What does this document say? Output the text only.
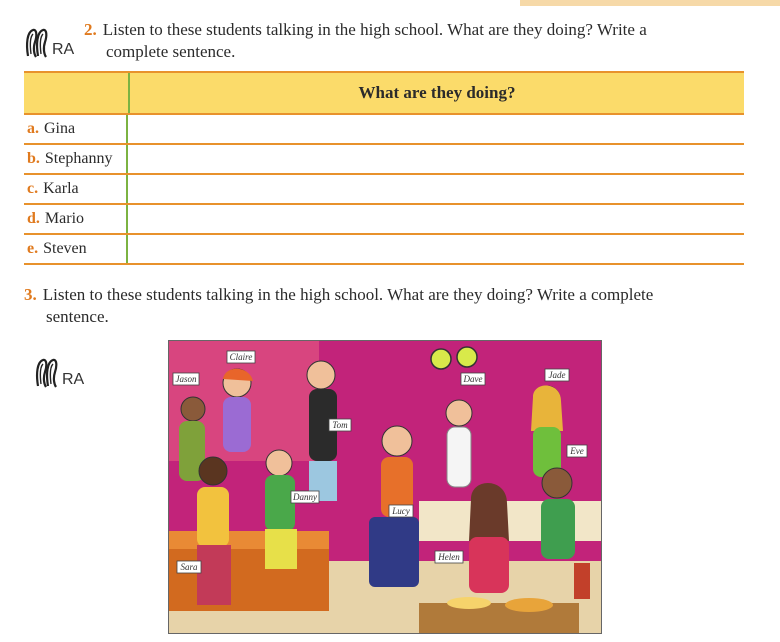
RA
2. Listen to these students talking in the high school. What are they doing? Write a
complete sentence.
What are they doing?
a. Gina
b. Stephanny
c. Karla
d. Mario
e. Steven
3. Listen to these students talking in the high school. What are they doing? Write a complete
sentence.
RA
Claire
Jason
Tom
Dave	Jade
Eve
Danny
Lucy
Helen
Sara
